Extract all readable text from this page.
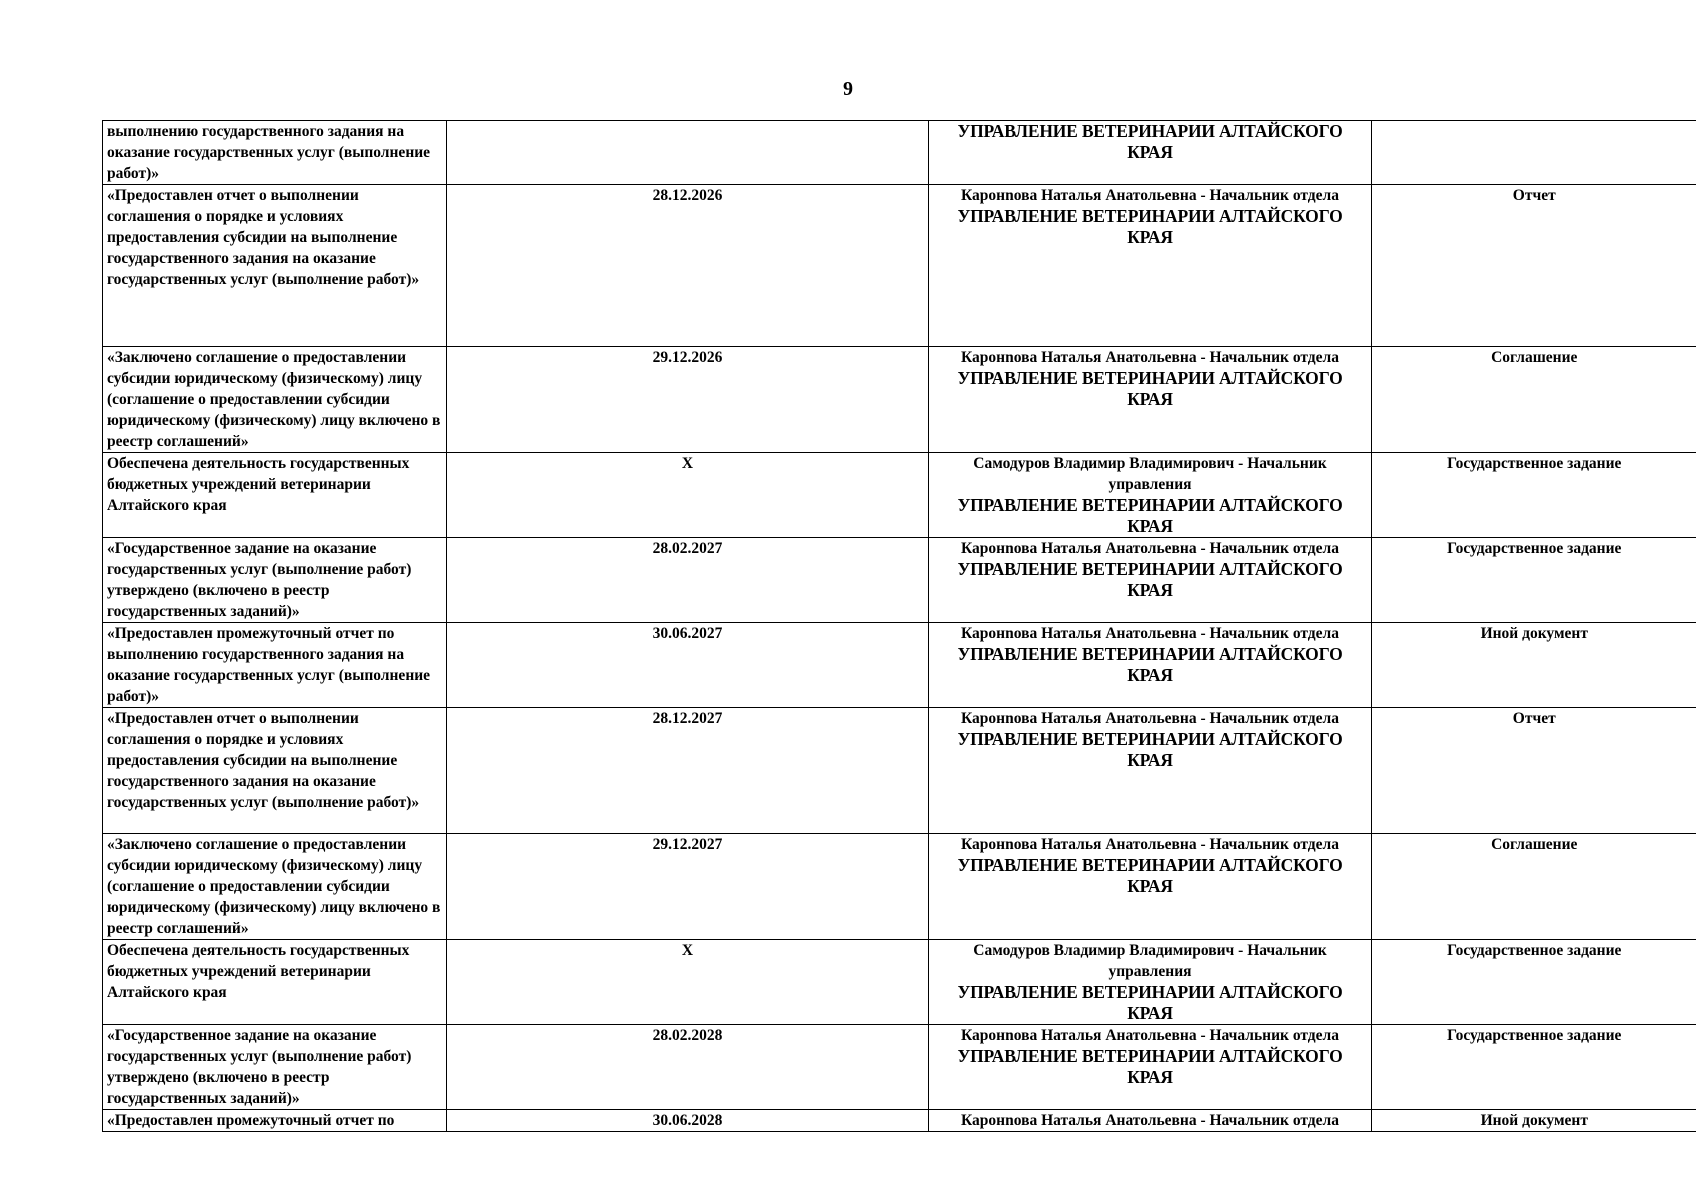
9
выполнению государственного задания на оказание государственных услуг (выполнение работ)»		УПРАВЛЕНИЕ ВЕТЕРИНАРИИ АЛТАЙСКОГО КРАЯ	

«Предоставлен отчет о выполнении соглашения о порядке и условиях предоставления субсидии на выполнение государственного задания на оказание государственных услуг (выполнение работ)»	28.12.2026	Каронnова Наталья Анатольевна - Начальник отдела
УПРАВЛЕНИЕ ВЕТЕРИНАРИИ АЛТАЙСКОГО КРАЯ	Отчет
«Заключено соглашение о предоставлении субсидии юридическому (физическому) лицу (соглашение о предоставлении субсидии юридическому (физическому) лицу включено в реестр соглашений»	29.12.2026	Каронnова Наталья Анатольевна - Начальник отдела
УПРАВЛЕНИЕ ВЕТЕРИНАРИИ АЛТАЙСКОГО КРАЯ	Соглашение
Обеспечена деятельность государственных бюджетных учреждений ветеринарии Алтайского края	X	Самодуров Владимир Владимирович - Начальник управления
УПРАВЛЕНИЕ ВЕТЕРИНАРИИ АЛТАЙСКОГО КРАЯ	Государственное задание
«Государственное задание на оказание государственных услуг (выполнение работ) утверждено (включено в реестр государственных заданий)»	28.02.2027	Каронnова Наталья Анатольевна - Начальник отдела
УПРАВЛЕНИЕ ВЕТЕРИНАРИИ АЛТАЙСКОГО КРАЯ	Государственное задание
«Предоставлен промежуточный отчет по выполнению государственного задания на оказание государственных услуг (выполнение работ)»	30.06.2027	Каронnова Наталья Анатольевна - Начальник отдела
УПРАВЛЕНИЕ ВЕТЕРИНАРИИ АЛТАЙСКОГО КРАЯ	Иной документ
«Предоставлен отчет о выполнении соглашения о порядке и условиях предоставления субсидии на выполнение государственного задания на оказание государственных услуг (выполнение работ)»	28.12.2027	Каронnова Наталья Анатольевна - Начальник отдела
УПРАВЛЕНИЕ ВЕТЕРИНАРИИ АЛТАЙСКОГО КРАЯ	Отчет
«Заключено соглашение о предоставлении субсидии юридическому (физическому) лицу (соглашение о предоставлении субсидии юридическому (физическому) лицу включено в реестр соглашений»	29.12.2027	Каронnова Наталья Анатольевна - Начальник отдела
УПРАВЛЕНИЕ ВЕТЕРИНАРИИ АЛТАЙСКОГО КРАЯ	Соглашение
Обеспечена деятельность государственных бюджетных учреждений ветеринарии Алтайского края	X	Самодуров Владимир Владимирович - Начальник управления
УПРАВЛЕНИЕ ВЕТЕРИНАРИИ АЛТАЙСКОГО КРАЯ	Государственное задание
«Государственное задание на оказание государственных услуг (выполнение работ) утверждено (включено в реестр государственных заданий)»	28.02.2028	Каронnова Наталья Анатольевна - Начальник отдела
УПРАВЛЕНИЕ ВЕТЕРИНАРИИ АЛТАЙСКОГО КРАЯ	Государственное задание
«Предоставлен промежуточный отчет по	30.06.2028	Каронnова Наталья Анатольевна - Начальник отдела	Иной документ
